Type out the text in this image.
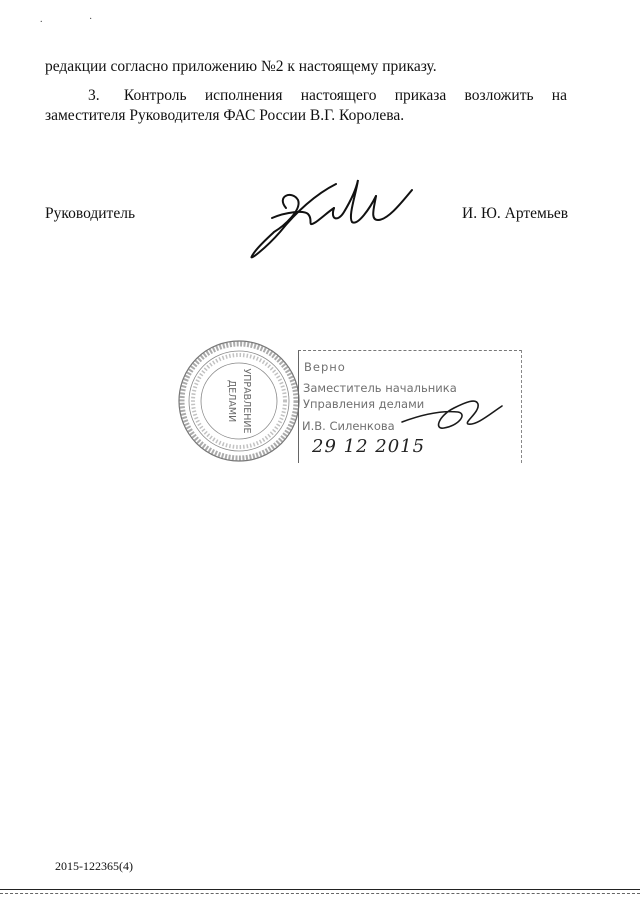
. ·
редакции согласно приложению №2 к настоящему приказу.
3. Контроль исполнения настоящего приказа возложить на
заместителя Руководителя ФАС России В.Г. Королева.
Руководитель	И. Ю. Артемьев
УПРАВЛЕНИЕ
ДЕЛАМИ
Верно
Заместитель начальника
Управления делами
И.В. Силенкова
29 12 2015
2015-122365(4)
